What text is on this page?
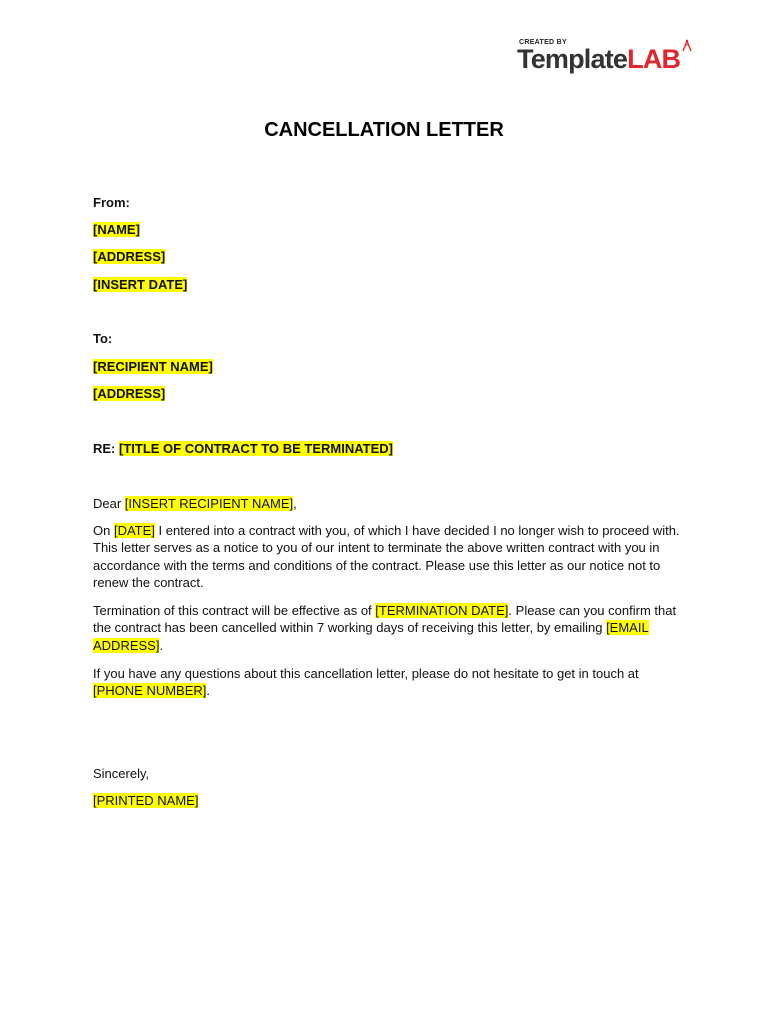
CREATED BY
TemplateLAB
CANCELLATION LETTER
From:
[NAME]
[ADDRESS]
[INSERT DATE]
To:
[RECIPIENT NAME]
[ADDRESS]
RE: [TITLE OF CONTRACT TO BE TERMINATED]
Dear [INSERT RECIPIENT NAME],
On [DATE] I entered into a contract with you, of which I have decided I no longer wish to proceed with. This letter serves as a notice to you of our intent to terminate the above written contract with you in accordance with the terms and conditions of the contract. Please use this letter as our notice not to renew the contract.
Termination of this contract will be effective as of [TERMINATION DATE]. Please can you confirm that the contract has been cancelled within 7 working days of receiving this letter, by emailing [EMAIL ADDRESS].
If you have any questions about this cancellation letter, please do not hesitate to get in touch at [PHONE NUMBER].
Sincerely,
[PRINTED NAME]
